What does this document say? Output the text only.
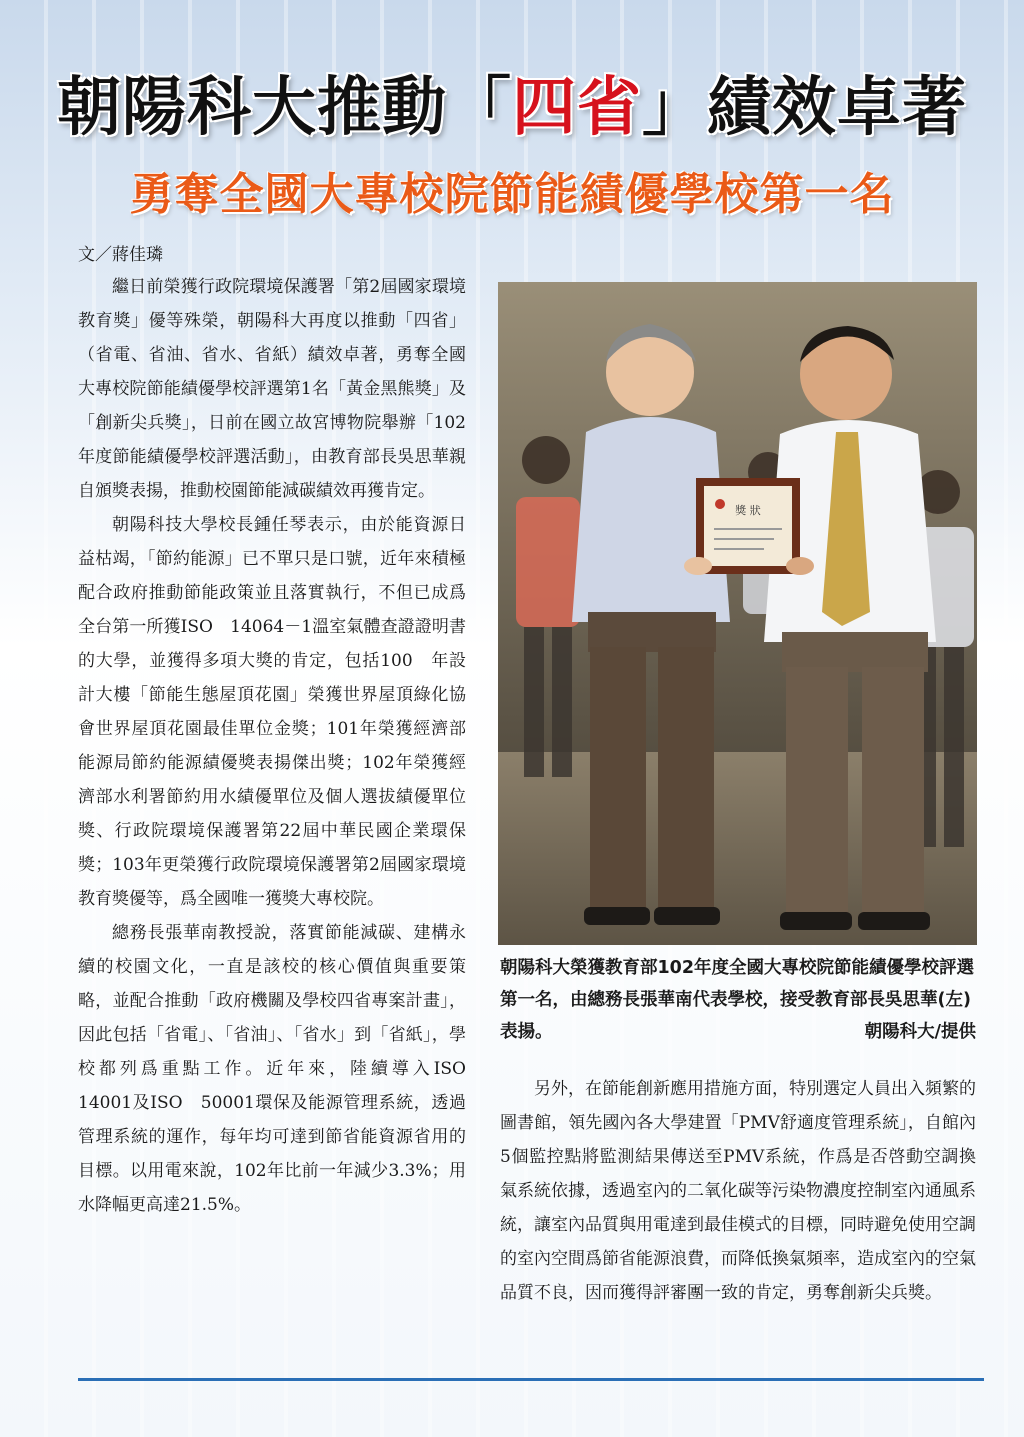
朝陽科大推動「四省」績效卓著
勇奪全國大專校院節能績優學校第一名
文／蔣佳璘

繼日前榮獲行政院環境保護署「第2屆國家環境教育獎」優等殊榮，朝陽科大再度以推動「四省」（省電、省油、省水、省紙）績效卓著，勇奪全國大專校院節能績優學校評選第1名「黃金黑熊獎」及「創新尖兵獎」，日前在國立故宮博物院舉辦「102年度節能績優學校評選活動」，由教育部長吳思華親自頒獎表揚，推動校園節能減碳績效再獲肯定。

朝陽科技大學校長鍾任琴表示，由於能資源日益枯竭，「節約能源」已不單只是口號，近年來積極配合政府推動節能政策並且落實執行，不但已成爲全台第一所獲ISO　14064－1溫室氣體查證證明書的大學，並獲得多項大獎的肯定，包括100　年設計大樓「節能生態屋頂花園」榮獲世界屋頂綠化協會世界屋頂花園最佳單位金獎；101年榮獲經濟部能源局節約能源績優獎表揚傑出獎；102年榮獲經濟部水利署節約用水績優單位及個人選拔績優單位獎、行政院環境保護署第22屆中華民國企業環保獎；103年更榮獲行政院環境保護署第2屆國家環境教育獎優等，爲全國唯一獲獎大專校院。

總務長張華南教授說，落實節能減碳、建構永續的校園文化，一直是該校的核心價值與重要策略，並配合推動「政府機關及學校四省專案計畫」，因此包括「省電」、「省油」、「省水」到「省紙」，學校都列爲重點工作。近年來，陸續導入ISO　14001及ISO　50001環保及能源管理系統，透過管理系統的運作，每年均可達到節省能資源省用的目標。以用電來說，102年比前一年減少3.3%；用水降幅更高達21.5%。

獎 狀
朝陽科大榮獲教育部102年度全國大專校院節能績優學校評選第一名，由總務長張華南代表學校，接受教育部長吳思華(左)表揚。	朝陽科大/提供

另外，在節能創新應用措施方面，特別選定人員出入頻繁的圖書館，領先國內各大學建置「PMV舒適度管理系統」，自館內5個監控點將監測結果傳送至PMV系統，作爲是否啓動空調換氣系統依據，透過室內的二氧化碳等污染物濃度控制室內通風系統，讓室內品質與用電達到最佳模式的目標，同時避免使用空調的室內空間爲節省能源浪費，而降低換氣頻率，造成室內的空氣品質不良，因而獲得評審團一致的肯定，勇奪創新尖兵獎。
